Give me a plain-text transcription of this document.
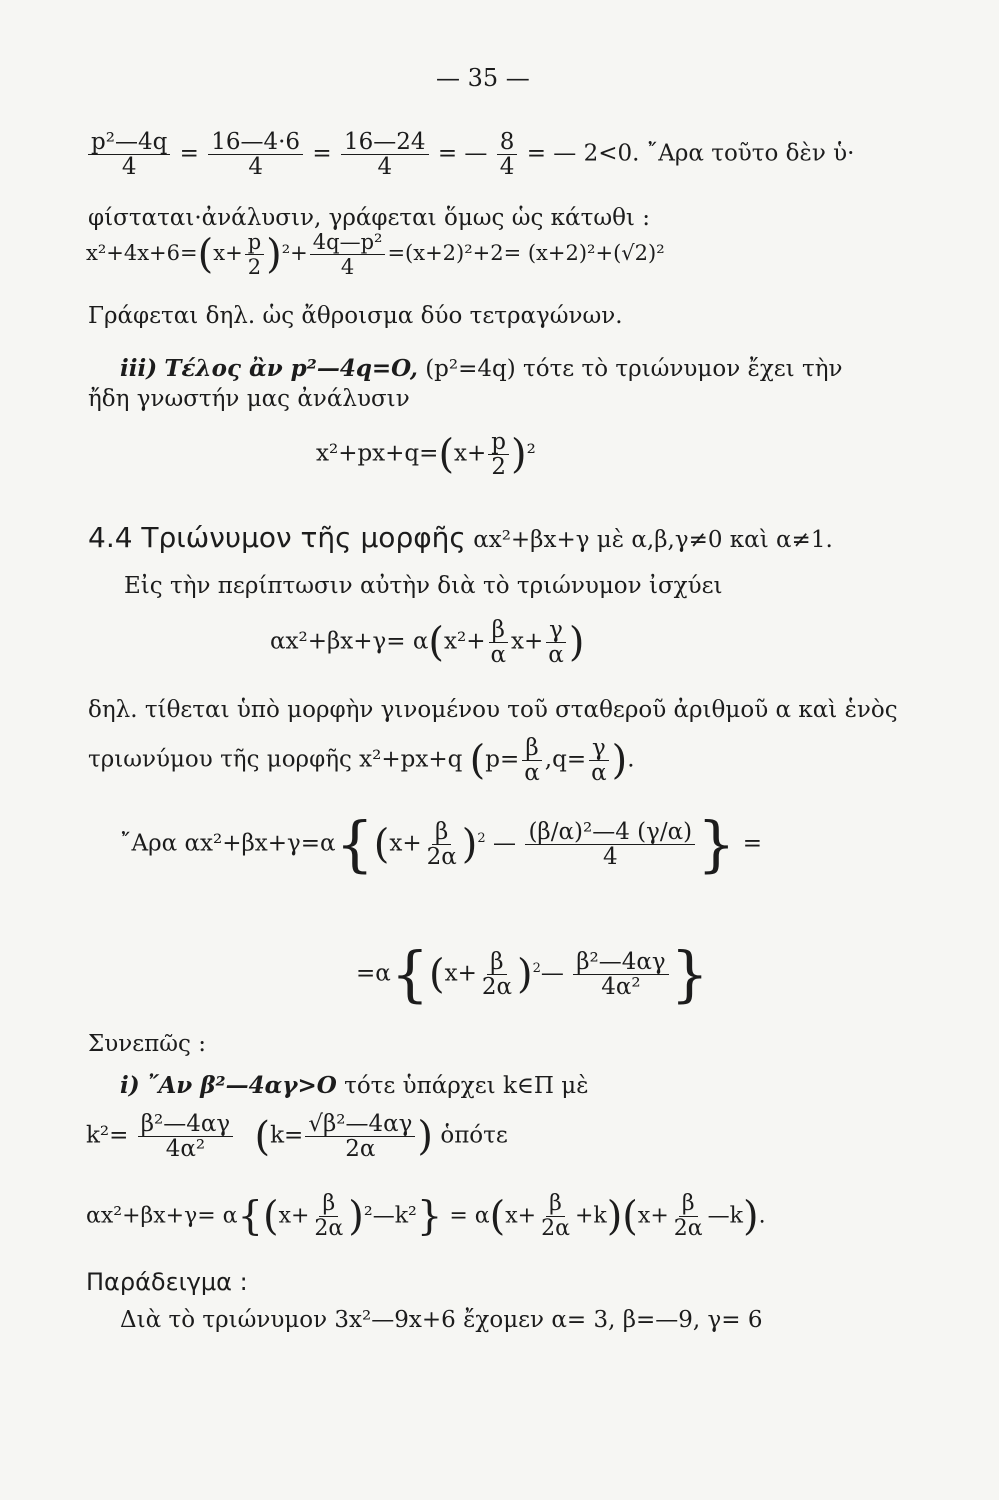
— 35 —
$\frac{\text{p²—4q}}{4} = \frac{16—4\cdot 6}{4} = \frac{16—24}{4}$ = — $\frac{8}{4}$ = — 2<0. ῎Αρα τοῦτο δὲν ὑ·
φίσταται·ἀνάλυσιν, γράφεται ὅμως ὡς κάτωθι :
$x^2+4x+6=(x+ \frac{p}{2} )^2+ \frac{\text{4q—p²}}{4} =(x+2)^2+2= (x+2)^2+(√2)^2$
Γράφεται δηλ. ὡς ἄθροισμα δύο τετραγώνων.
iii) Τέλος ἂν p²—4q=O, (p²=4q) τότε τὸ τριώνυμον ἔχει τὴν
ἤδη γνωστήν μας ἀνάλυσιν
$x^2+px+q=(x+ \frac{p}{2} )^2$
4.4 Τριώνυμον τῆς μορφῆς αx²+βx+γ μὲ α,β,γ≠0 καὶ α≠1.
Εἰς τὴν περίπτωσιν αὐτὴν διὰ τὸ τριώνυμον ἰσχύει
$\alpha x^2+\beta x+\gamma= \alpha(x^2+ \frac{\beta}{\alpha} x+ \frac{\gamma}{\alpha}$ )
δηλ. τίθεται ὑπὸ μορφὴν γινομένου τοῦ σταθεροῦ ἀριθμοῦ α καὶ ἑνὸς
τριωνύμου τῆς μορφῆς x²+px+q ($p= \frac{\beta}{\alpha} ,q= \frac{\gamma}{\alpha}$ ).
῎Αρα $\alpha x^2+\beta x+\gamma=\alpha\{(x+ \frac{\beta}{2\alpha} )^2$ — $\frac{\text{(β/α)²—4 (γ/α)}}{4}$ } =
$=\alpha\{(x+ \frac{\beta}{2\alpha}$ )$^2— \frac{\text{β²—4αγ}}{\text{4α²}}$ }
Συνεπῶς :
i) ῎Αν β²—4αγ>O τότε ὑπάρχει k∈Π μὲ
$k^2= \frac{\text{β²—4αγ}}{\text{4α²}} (k= \frac{\text{√β²—4αγ}}{2\alpha}$ ) ὁπότε
$\alpha x^2+\beta x+\gamma= \alpha\{(x+ \frac{\beta}{2\alpha}$ )²—k²} = $\alpha(x+ \frac{\beta}{2\alpha} +k)(x+ \frac{\beta}{2\alpha}$ —k).
Παράδειγμα :
Διὰ τὸ τριώνυμον 3x²—9x+6 ἔχομεν α= 3, β=—9, γ= 6
